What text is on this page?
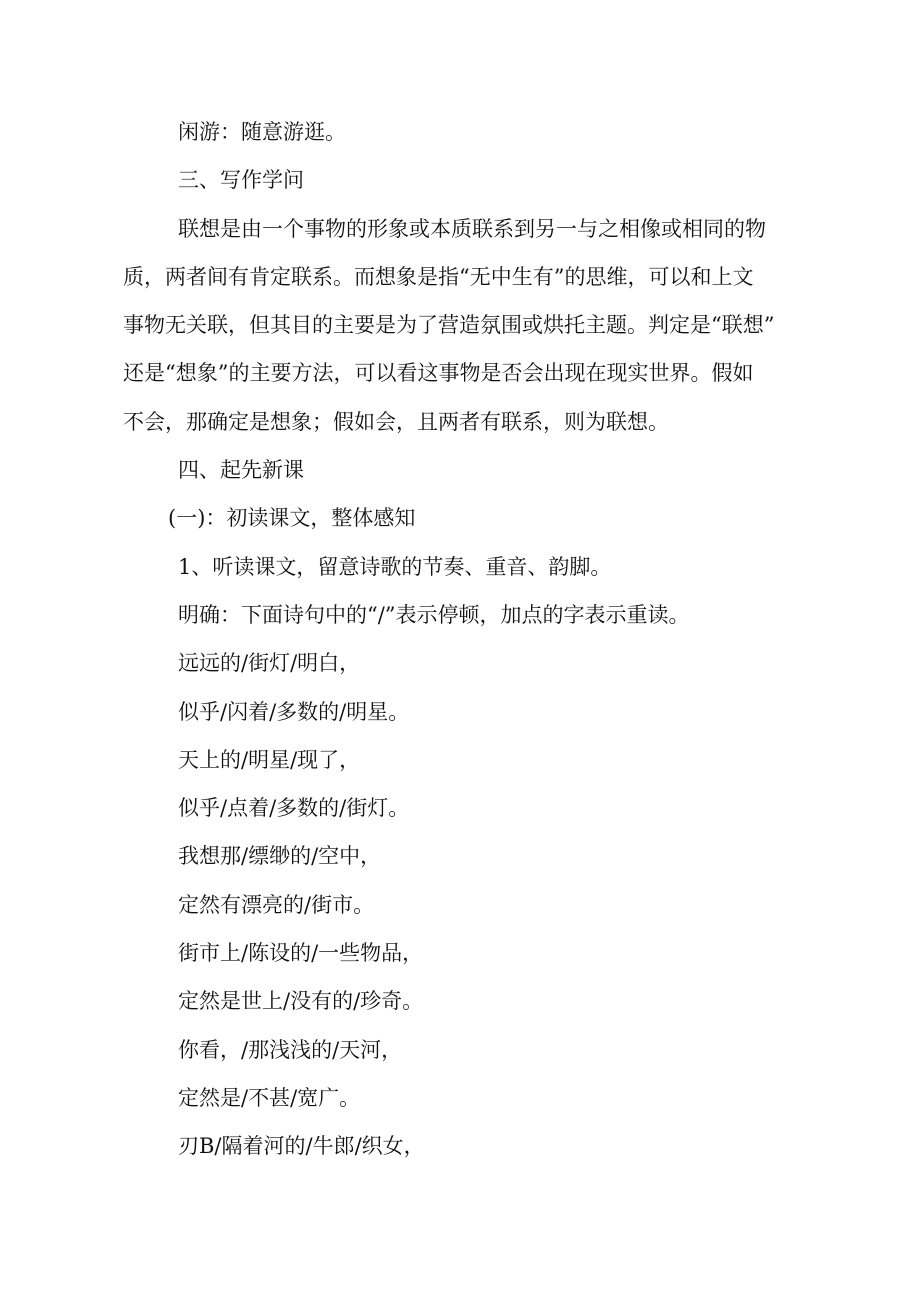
闲游：随意游逛。
三、写作学问
联想是由一个事物的形象或本质联系到另一与之相像或相同的物
质，两者间有肯定联系。而想象是指“无中生有”的思维，可以和上文
事物无关联，但其目的主要是为了营造氛围或烘托主题。判定是“联想”
还是“想象”的主要方法，可以看这事物是否会出现在现实世界。假如
不会，那确定是想象；假如会，且两者有联系，则为联想。
四、起先新课
(一)：初读课文，整体感知
1、听读课文，留意诗歌的节奏、重音、韵脚。
明确：下面诗句中的“/”表示停顿，加点的字表示重读。
远远的/街灯/明白，
似乎/闪着/多数的/明星。
天上的/明星/现了，
似乎/点着/多数的/街灯。
我想那/缥缈的/空中，
定然有漂亮的/街市。
街市上/陈设的/一些物品，
定然是世上/没有的/珍奇。
你看，/那浅浅的/天河，
定然是/不甚/宽广。
刃B/隔着河的/牛郎/织女，
